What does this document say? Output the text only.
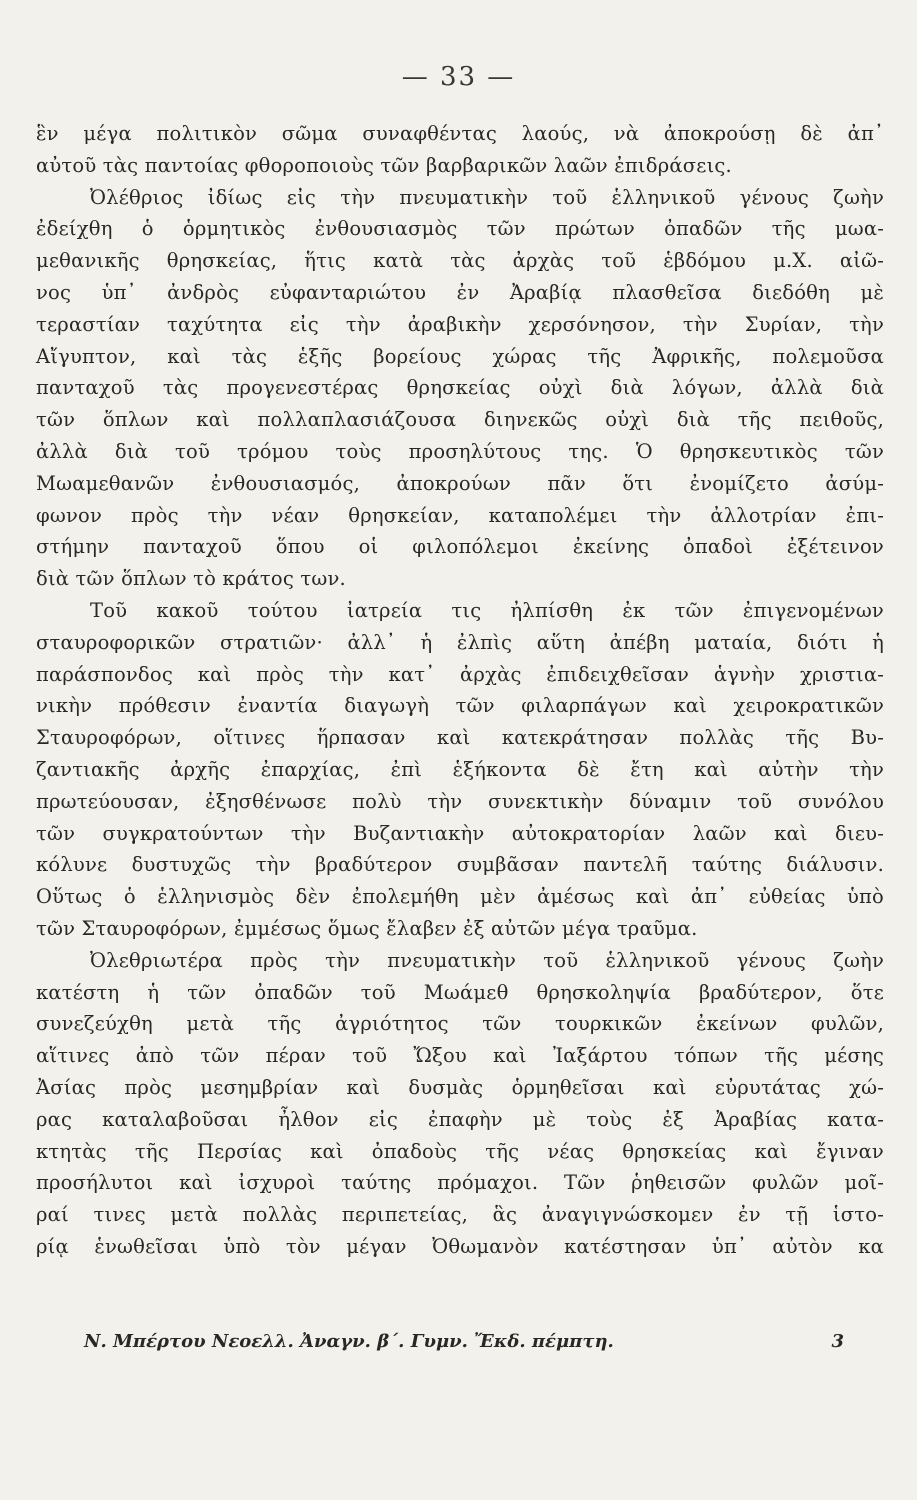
— 33 —
ἓν μέγα πολιτικὸν σῶμα συναφθέντας λαούς, νὰ ἀποκρούσῃ δὲ ἀπ᾽
αὐτοῦ τὰς παντοίας φθοροποιοὺς τῶν βαρβαρικῶν λαῶν ἐπιδράσεις.
Ὀλέθριος ἰδίως εἰς τὴν πνευματικὴν τοῦ ἑλληνικοῦ γένους ζωὴν
ἐδείχθη ὁ ὁρμητικὸς ἐνθουσιασμὸς τῶν πρώτων ὀπαδῶν τῆς μωα-
μεθανικῆς θρησκείας, ἥτις κατὰ τὰς ἀρχὰς τοῦ ἑβδόμου μ.Χ. αἰῶ-
νος ὑπ᾽ ἀνδρὸς εὐφανταριώτου ἐν Ἀραβίᾳ πλασθεῖσα διεδόθη μὲ
τεραστίαν ταχύτητα εἰς τὴν ἀραβικὴν χερσόνησον, τὴν Συρίαν, τὴν
Αἴγυπτον, καὶ τὰς ἑξῆς βορείους χώρας τῆς Ἀφρικῆς, πολεμοῦσα
πανταχοῦ τὰς προγενεστέρας θρησκείας οὐχὶ διὰ λόγων, ἀλλὰ διὰ
τῶν ὅπλων καὶ πολλαπλασιάζουσα διηνεκῶς οὐχὶ διὰ τῆς πειθοῦς,
ἀλλὰ διὰ τοῦ τρόμου τοὺς προσηλύτους της. Ὁ θρησκευτικὸς τῶν
Μωαμεθανῶν ἐνθουσιασμός, ἀποκρούων πᾶν ὅτι ἐνομίζετο ἀσύμ-
φωνον πρὸς τὴν νέαν θρησκείαν, καταπολέμει τὴν ἀλλοτρίαν ἐπι-
στήμην πανταχοῦ ὅπου οἱ φιλοπόλεμοι ἐκείνης ὀπαδοὶ ἐξέτεινον
διὰ τῶν ὅπλων τὸ κράτος των.
Τοῦ κακοῦ τούτου ἰατρεία τις ἠλπίσθη ἐκ τῶν ἐπιγενομένων
σταυροφορικῶν στρατιῶν· ἀλλ᾽ ἡ ἐλπὶς αὕτη ἀπέβη ματαία, διότι ἡ
παράσπονδος καὶ πρὸς τὴν κατ᾽ ἀρχὰς ἐπιδειχθεῖσαν ἁγνὴν χριστια-
νικὴν πρόθεσιν ἐναντία διαγωγὴ τῶν φιλαρπάγων καὶ χειροκρατικῶν
Σταυροφόρων, οἵτινες ἥρπασαν καὶ κατεκράτησαν πολλὰς τῆς Βυ-
ζαντιακῆς ἀρχῆς ἐπαρχίας, ἐπὶ ἑξήκοντα δὲ ἔτη καὶ αὐτὴν τὴν
πρωτεύουσαν, ἐξησθένωσε πολὺ τὴν συνεκτικὴν δύναμιν τοῦ συνόλου
τῶν συγκρατούντων τὴν Βυζαντιακὴν αὐτοκρατορίαν λαῶν καὶ διευ-
κόλυνε δυστυχῶς τὴν βραδύτερον συμβᾶσαν παντελῆ ταύτης διάλυσιν.
Οὕτως ὁ ἑλληνισμὸς δὲν ἐπολεμήθη μὲν ἀμέσως καὶ ἀπ᾽ εὐθείας ὑπὸ
τῶν Σταυροφόρων, ἐμμέσως ὅμως ἔλαβεν ἐξ αὐτῶν μέγα τραῦμα.
Ὀλεθριωτέρα πρὸς τὴν πνευματικὴν τοῦ ἑλληνικοῦ γένους ζωὴν
κατέστη ἡ τῶν ὀπαδῶν τοῦ Μωάμεθ θρησκοληψία βραδύτερον, ὅτε
συνεζεύχθη μετὰ τῆς ἀγριότητος τῶν τουρκικῶν ἐκείνων φυλῶν,
αἵτινες ἀπὸ τῶν πέραν τοῦ Ὤξου καὶ Ἰαξάρτου τόπων τῆς μέσης
Ἀσίας πρὸς μεσημβρίαν καὶ δυσμὰς ὁρμηθεῖσαι καὶ εὐρυτάτας χώ-
ρας καταλαβοῦσαι ἦλθον εἰς ἐπαφὴν μὲ τοὺς ἐξ Ἀραβίας κατα-
κτητὰς τῆς Περσίας καὶ ὀπαδοὺς τῆς νέας θρησκείας καὶ ἔγιναν
προσήλυτοι καὶ ἰσχυροὶ ταύτης πρόμαχοι. Τῶν ῥηθεισῶν φυλῶν μοῖ-
ραί τινες μετὰ πολλὰς περιπετείας, ἃς ἀναγιγνώσκομεν ἐν τῇ ἱστο-
ρίᾳ ἑνωθεῖσαι ὑπὸ τὸν μέγαν Ὀθωμανὸν κατέστησαν ὑπ᾽ αὐτὸν κα
Ν. Μπέρτου Νεοελλ. Ἀναγν. β΄. Γυμν. Ἔκδ. πέμπτη.	3
